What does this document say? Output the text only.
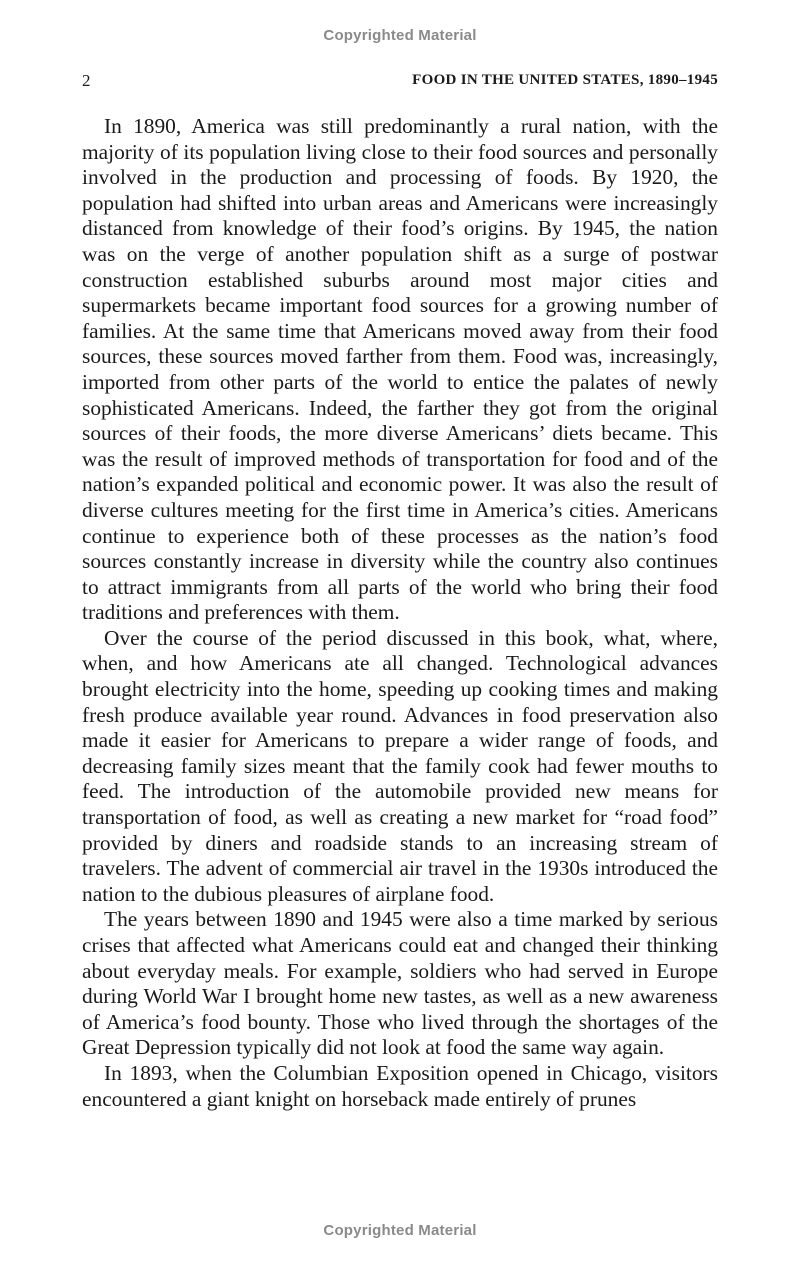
Copyrighted Material
2	FOOD IN THE UNITED STATES, 1890–1945

In 1890, America was still predominantly a rural nation, with the majority of its population living close to their food sources and personally involved in the production and processing of foods. By 1920, the population had shifted into urban areas and Americans were increasingly distanced from knowledge of their food’s origins. By 1945, the nation was on the verge of another population shift as a surge of postwar construction established suburbs around most major cities and supermarkets became important food sources for a growing number of families. At the same time that Americans moved away from their food sources, these sources moved farther from them. Food was, increasingly, imported from other parts of the world to entice the palates of newly sophisticated Americans. Indeed, the farther they got from the original sources of their foods, the more diverse Americans’ diets became. This was the result of improved methods of transportation for food and of the nation’s expanded political and economic power. It was also the result of diverse cultures meeting for the first time in America’s cities. Americans continue to experience both of these processes as the nation’s food sources constantly increase in diversity while the country also continues to attract immigrants from all parts of the world who bring their food traditions and preferences with them.

Over the course of the period discussed in this book, what, where, when, and how Americans ate all changed. Technological advances brought electricity into the home, speeding up cooking times and making fresh produce available year round. Advances in food preservation also made it easier for Americans to prepare a wider range of foods, and decreasing family sizes meant that the family cook had fewer mouths to feed. The introduction of the automobile provided new means for transportation of food, as well as creating a new market for “road food” provided by diners and roadside stands to an increasing stream of travelers. The advent of commercial air travel in the 1930s introduced the nation to the dubious pleasures of airplane food.

The years between 1890 and 1945 were also a time marked by serious crises that affected what Americans could eat and changed their thinking about everyday meals. For example, soldiers who had served in Europe during World War I brought home new tastes, as well as a new awareness of America’s food bounty. Those who lived through the shortages of the Great Depression typically did not look at food the same way again.

In 1893, when the Columbian Exposition opened in Chicago, visitors encountered a giant knight on horseback made entirely of prunes

Copyrighted Material
